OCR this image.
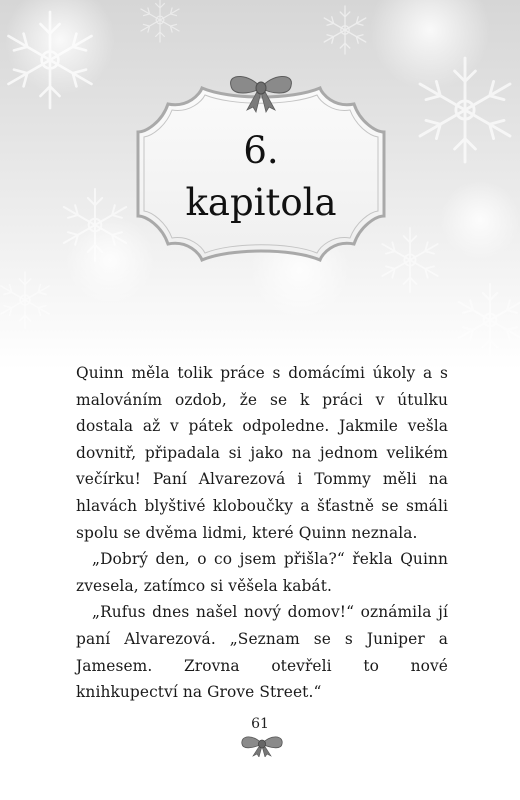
6.
kapitola

Quinn měla tolik práce s domácími úkoly a s malováním ozdob, že se k práci v útulku dostala až v pátek odpoledne. Jakmile vešla dovnitř, připadala si jako na jednom velikém večírku! Paní Alvarezová i Tommy měli na hlavách blyštivé kloboučky a šťastně se smáli spolu se dvěma lidmi, které Quinn neznala.

„Dobrý den, o co jsem přišla?“ řekla Quinn zvesela, zatímco si věšela kabát.

„Rufus dnes našel nový domov!“ oznámila jí paní Alvarezová. „Seznam se s Juniper a Jamesem. Zrovna otevřeli to nové knihkupectví na Grove Street.“

61
